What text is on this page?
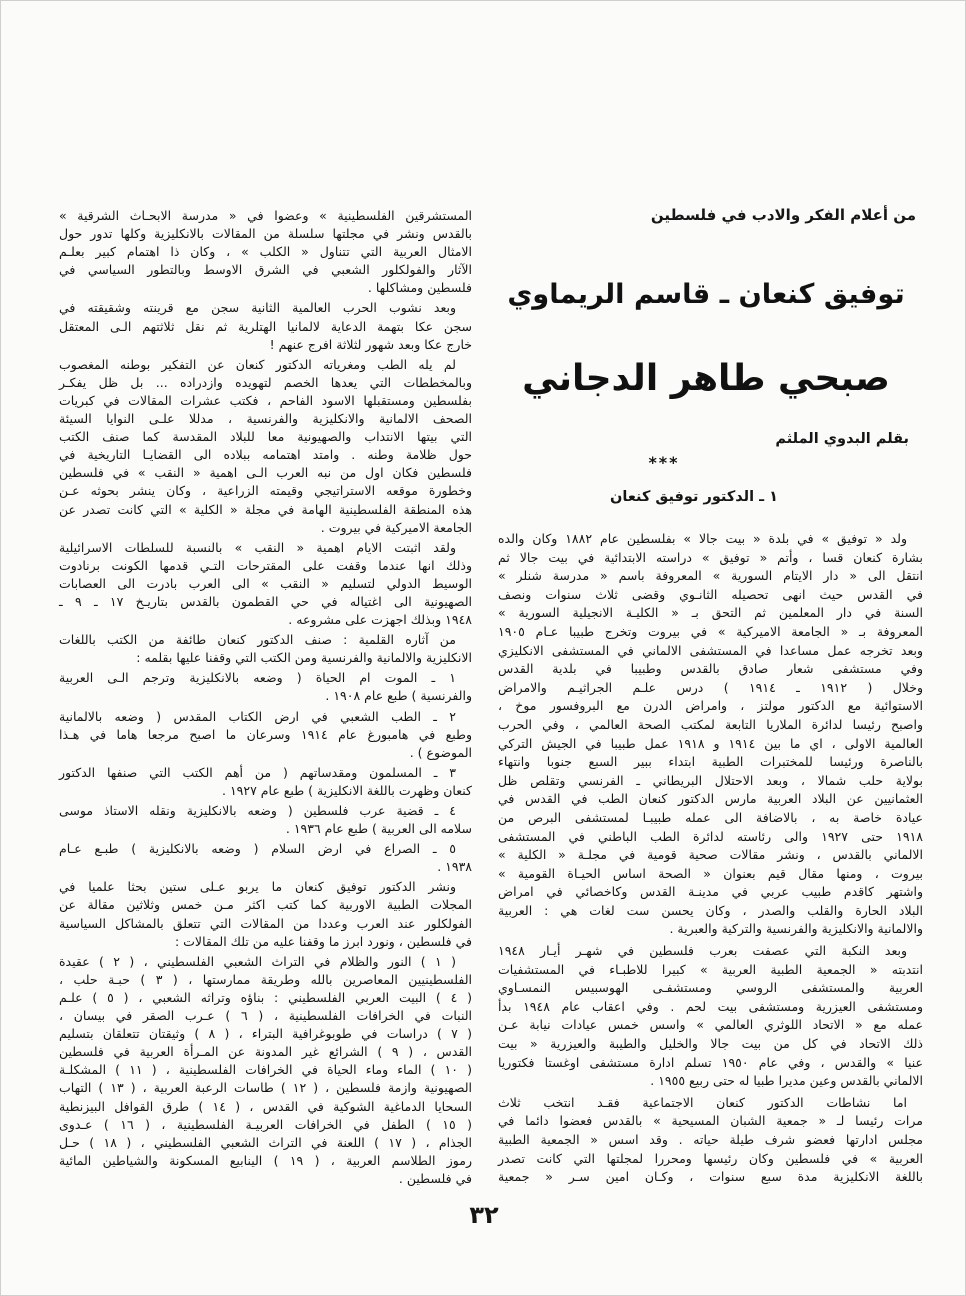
من أعلام الفكر والادب في فلسطين
توفيق كنعان ـ قاسم الريماوي
صبحي طاهر الدجاني
بقلم البدوي الملثم
***
١ ـ الدكتور توفيق كنعان
ولد « توفيق » في بلدة « بيت جالا » بفلسطين عام ١٨٨٢ وكان والده
بشارة كنعان قسا ، وأتم « توفيق » دراسته الابتدائية في بيت جالا ثم
انتقل الى « دار الايتام السورية » المعروفة باسم « مدرسة شنلر »
في القدس حيث انهى تحصيله الثانـوي وقضى ثلاث سنوات ونصف
السنة في دار المعلمين ثم التحق بـ « الكليـة الانجيلية السورية »
المعروفة بـ « الجامعة الاميركية » في بيروت وتخرج طبيبا عـام ١٩٠٥
وبعد تخرجه عمل مساعدا في المستشفى الالماني في المستشفى الانكليزي
وفي مستشفى شعار صادق بالقدس وطبيبا في بلدية القدس
وخلال ( ١٩١٢ ـ ١٩١٤ ) درس علـم الجراثيـم والامراض
الاستوائية مع الدكتور مولتز ، وامراض الدرن مع البروفسور موخ ،
واصبح رئيسا لدائرة الملاريا التابعة لمكتب الصحة العالمي ، وفي الحرب
العالمية الاولى ، اي ما بين ١٩١٤ و ١٩١٨ عمل طبيبا في الجيش التركي
بالناصرة ورئيسا للمختبرات الطبية ابتداء ببير السبع جنوبا وانتهاء
بولاية حلب شمالا ، وبعد الاحتلال البريطاني ـ الفرنسي وتقلص ظل
العثمانيين عن البلاد العربية مارس الدكتور كنعان الطب في القدس في
عيادة خاصة به ، بالاضافة الى عمله طبيبـا لمستشفى البرص من
١٩١٨ حتى ١٩٢٧ والى رئاسته لدائرة الطب الباطني في المستشفى
الالماني بالقدس ، ونشر مقالات صحية قومية في مجلـة « الكلية »
بيروت ، ومنها مقال قيم بعنوان « الصحة اساس الحيـاة القومية »
واشتهر كاقدم طبيب عربي في مدينـة القدس وكاخصائي في امراض
البلاد الحارة والقلب والصدر ، وكان يحسن ست لغات هي : العربية
والالمانية والانكليزية والفرنسية والتركية والعبرية .
وبعد النكبة التي عصفت بعرب فلسطين في شهـر أيـار ١٩٤٨
انتدبته « الجمعية الطبية العربية » كبيرا للاطبـاء في المستشفيات
العربية والمستشفى الروسي ومستشفـى الهوسبيس النمسـاوي
ومستشفى العيزرية ومستشفى بيت لحم . وفي اعقاب عام ١٩٤٨ بدأ
عمله مع « الاتحاد اللوثري العالمي » واسس خمس عيادات نيابة عـن
ذلك الاتحاد في كل من بيت جالا والخليل والطيبة والعيزرية « بيت
عنيا » والقدس ، وفي عام ١٩٥٠ تسلم ادارة مستشفى اوغستا فكتوريا
الالماني بالقدس وعين مديرا طبيا له حتى ربيع ١٩٥٥ .
اما نشاطات الدكتور كنعان الاجتماعية فقـد انتخب ثلاث
مرات رئيسا لـ « جمعية الشبان المسيحية » بالقدس فعضوا دائما في
مجلس ادارتها فعضو شرف طيلة حياته . وقد اسس « الجمعية الطبية
العربية » في فلسطين وكان رئيسها ومحررا لمجلتها التي كانت تصدر
باللغة الانكليزية مدة سبع سنوات ، وكـان امين سـر « جمعية
المستشرقين الفلسطينية » وعضوا في « مدرسة الابحـاث الشرقية »
بالقدس ونشر في مجلتها سلسلة من المقالات بالانكليزية وكلها تدور حول
الامثال العربية التي تتناول « الكلب » ، وكان ذا اهتمام كبير بعلـم
الآثار والفولكلور الشعبي في الشرق الاوسط وبالتطور السياسي في
فلسطين ومشاكلها .
وبعد نشوب الحرب العالمية الثانية سجن مع قرينته وشقيقته في
سجن عكا بتهمة الدعاية لالمانيا الهتلرية ثم نقل ثلاثتهم الـى المعتقل
خارج عكا وبعد شهور لثلاثة افرج عنهم !
لم يله الطب ومغرياته الدكتور كنعان عن التفكير بوطنه المغصوب
وبالمخططات التي يعدها الخصم لتهويده وازدراده ... بل ظل يفكـر
بفلسطين ومستقبلها الاسود الفاحم ، فكتب عشرات المقالات في كبريات
الصحف الالمانية والانكليزية والفرنسية ، مدللا علـى النوايا السيئة
التي بيتها الانتداب والصهيونية معا للبلاد المقدسة كما صنف الكتب
حول ظلامة وطنه . وامتد اهتمامه ببلاده الى القضايـا التاريخية في
فلسطين فكان اول من نبه العرب الـى اهمية « النقب » في فلسطين
وخطورة موقعه الاستراتيجي وقيمته الزراعية ، وكان ينشر بحوثه عـن
هذه المنطقة الفلسطينية الهامة في مجلة « الكلية » التي كانت تصدر عن
الجامعة الاميركية في بيروت .
ولقد اثبتت الايام اهمية « النقب » بالنسبة للسلطات الاسرائيلية
وذلك انها عندما وقفت على المقترحات التـي قدمها الكونت برنادوت
الوسيط الدولي لتسليم « النقب » الى العرب بادرت الى العصابات
الصهيونية الى اغتياله في حي القطمون بالقدس بتاريـخ ١٧ ـ ٩ ـ
١٩٤٨ وبذلك اجهزت على مشروعه .
من آثاره القلمية : صنف الدكتور كنعان طائفة من الكتب باللغات
الانكليزية والالمانية والفرنسية ومن الكتب التي وقفنا عليها بقلمه :
١ ـ الموت ام الحياة ( وضعه بالانكليزية وترجم الـى العربية
والفرنسية ) طبع عام ١٩٠٨ .
٢ ـ الطب الشعبي في ارض الكتاب المقدس ( وضعه بالالمانية
وطبع في هامبورغ عام ١٩١٤ وسرعان ما اصبح مرجعا هاما في هـذا
الموضوع ) .
٣ ـ المسلمون ومقدساتهم ( من أهم الكتب التي صنفها الدكتور
كنعان وظهرت باللغة الانكليزية ) طبع عام ١٩٢٧ .
٤ ـ قضية عرب فلسطين ( وضعه بالانكليزية ونقله الاستاذ موسى
سلامه الى العربية ) طبع عام ١٩٣٦ .
٥ ـ الصراع في ارض السلام ( وضعه بالانكليزية ) طبـع عـام
١٩٣٨ .
ونشر الدكتور توفيق كنعان ما يربو عـلى ستين بحثا علميا في
المجلات الطبية الاوربية كما كتب اكثر مـن خمس وثلاثين مقالة عن
الفولكلور عند العرب وعددا من المقالات التي تتعلق بالمشاكل السياسية
في فلسطين ، ونورد ابرز ما وقفنا عليه من تلك المقالات :
( ١ ) النور والظلام في التراث الشعبي الفلسطيني ، ( ٢ ) عقيدة
الفلسطينيين المعاصرين بالله وطريقة ممارستها ، ( ٣ ) حبـة حلب ،
( ٤ ) البيت العربي الفلسطيني : بناؤه وتراثه الشعبي ، ( ٥ ) علـم
النبات في الخرافات الفلسطينية ، ( ٦ ) عـرب الصقر في بيسان ،
( ٧ ) دراسات في طوبوغرافية البتراء ، ( ٨ ) وثيقتان تتعلقان بتسليم
القدس ، ( ٩ ) الشرائع غير المدونة عن المـرأة العربية في فلسطين
( ١٠ ) الماء وماء الحياة في الخرافات الفلسطينية ، ( ١١ ) المشكلـة
الصهيونية وازمة فلسطين ، ( ١٢ ) طاسات الرعبة العربية ، ( ١٣ ) التهاب
السحايا الدماغية الشوكية في القدس ، ( ١٤ ) طرق القوافل البيزنطية
( ١٥ ) الطفل في الخرافات العربيـة الفلسطينية ، ( ١٦ ) عـدوى
الجذام ، ( ١٧ ) اللعنة في التراث الشعبي الفلسطيني ، ( ١٨ ) حـل
رموز الطلاسم العربية ، ( ١٩ ) الينابيع المسكونة والشياطين المائية
في فلسطين .
٣٢
